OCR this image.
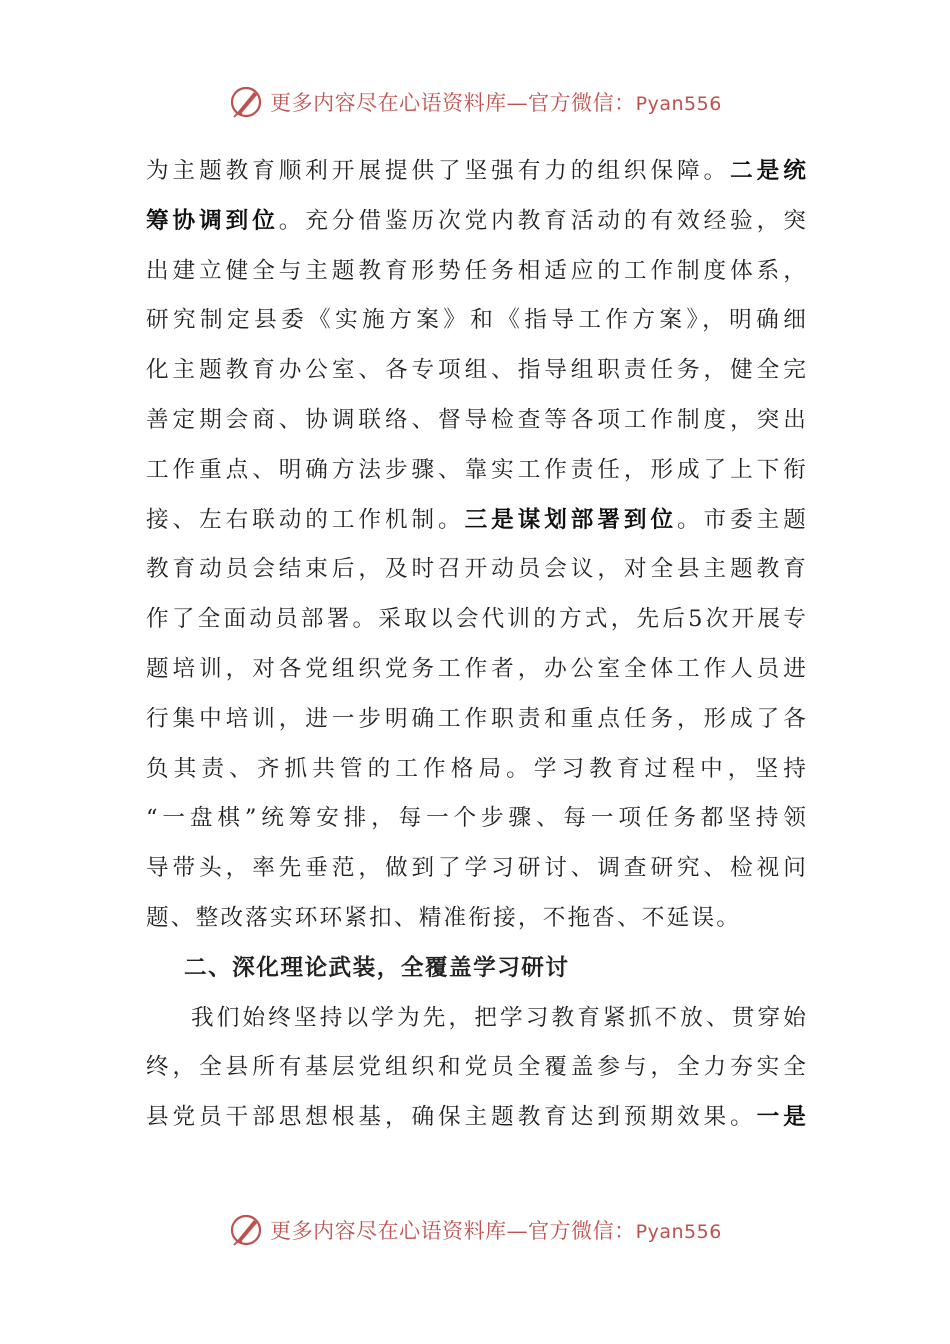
更多内容尽在心语资料库—官方微信：Pyan556
为主题教育顺利开展提供了坚强有力的组织保障。二是统
筹协调到位。充分借鉴历次党内教育活动的有效经验，突
出建立健全与主题教育形势任务相适应的工作制度体系，
研究制定县委《实施方案》和《指导工作方案》，明确细
化主题教育办公室、各专项组、指导组职责任务，健全完
善定期会商、协调联络、督导检查等各项工作制度，突出
工作重点、明确方法步骤、靠实工作责任，形成了上下衔
接、左右联动的工作机制。三是谋划部署到位。市委主题
教育动员会结束后，及时召开动员会议，对全县主题教育
作了全面动员部署。采取以会代训的方式，先后5次开展专
题培训，对各党组织党务工作者，办公室全体工作人员进
行集中培训，进一步明确工作职责和重点任务，形成了各
负其责、齐抓共管的工作格局。学习教育过程中，坚持
“一盘棋”统筹安排，每一个步骤、每一项任务都坚持领
导带头，率先垂范，做到了学习研讨、调查研究、检视问
题、整改落实环环紧扣、精准衔接，不拖沓、不延误。
二、深化理论武装，全覆盖学习研讨
我们始终坚持以学为先，把学习教育紧抓不放、贯穿始
终，全县所有基层党组织和党员全覆盖参与，全力夯实全
县党员干部思想根基，确保主题教育达到预期效果。一是
更多内容尽在心语资料库—官方微信：Pyan556
